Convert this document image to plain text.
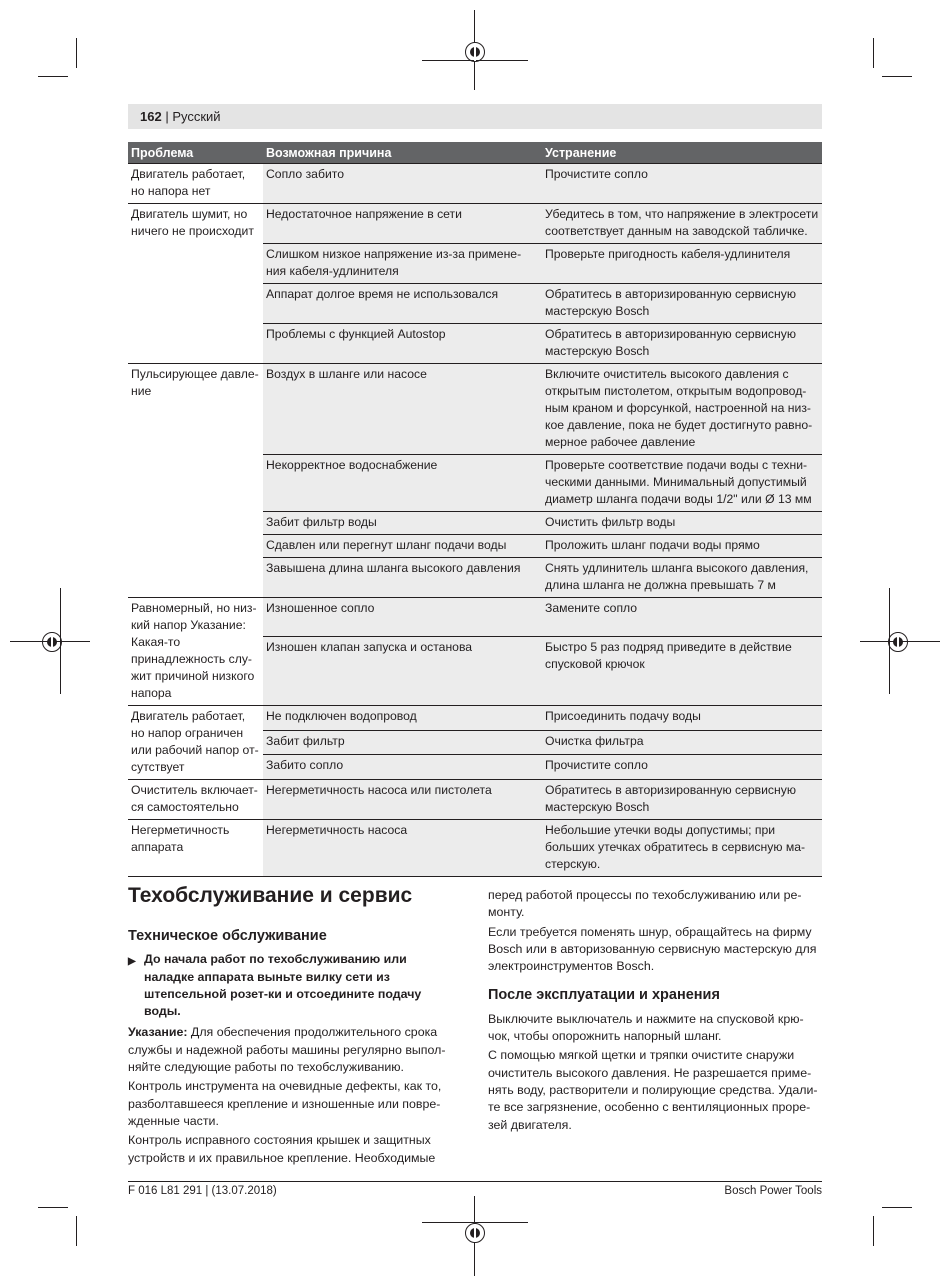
162 | Русский
Проблема	Возможная причина	Устранение
Двигатель работает, но напора нет	Сопло забито	Прочистите сопло
Двигатель шумит, но ничего не происходит	Недостаточное напряжение в сети	Убедитесь в том, что напряжение в электросети соответствует данным на заводской табличке.
	Слишком низкое напряжение из-за примене-ния кабеля-удлинителя	Проверьте пригодность кабеля-удлинителя
	Аппарат долгое время не использовался	Обратитесь в авторизированную сервисную мастерскую Bosch
	Проблемы с функцией Autostop	Обратитесь в авторизированную сервисную мастерскую Bosch
Пульсирующее давле-ние	Воздух в шланге или насосе	Включите очиститель высокого давления с открытым пистолетом, открытым водопровод-ным краном и форсункой, настроенной на низ-кое давление, пока не будет достигнуто равно-мерное рабочее давление
	Некорректное водоснабжение	Проверьте соответствие подачи воды с техни-ческими данными. Минимальный допустимый диаметр шланга подачи воды 1/2" или Ø 13 мм
	Забит фильтр воды	Очистить фильтр воды
	Сдавлен или перегнут шланг подачи воды	Проложить шланг подачи воды прямо
	Завышена длина шланга высокого давления	Снять удлинитель шланга высокого давления, длина шланга не должна превышать 7 м
Равномерный, но низ-кий напор Указание: Какая-то принадлежность слу-жит причиной низкого напора	Изношенное сопло	Замените сопло
	Изношен клапан запуска и останова	Быстро 5 раз подряд приведите в действие спусковой крючок
Двигатель работает, но напор ограничен или рабочий напор от-сутствует	Не подключен водопровод	Присоединить подачу воды
	Забит фильтр	Очистка фильтра
	Забито сопло	Прочистите сопло
Очиститель включает-ся самостоятельно	Негерметичность насоса или пистолета	Обратитесь в авторизированную сервисную мастерскую Bosch
Негерметичность аппарата	Негерметичность насоса	Небольшие утечки воды допустимы; при больших утечках обратитесь в сервисную ма-стерскую.
Техобслуживание и сервис
Техническое обслуживание
▶ До начала работ по техобслуживанию или наладке аппарата выньте вилку сети из штепсельной розет-ки и отсоедините подачу воды.

Указание: Для обеспечения продолжительного срока службы и надежной работы машины регулярно выпол-няйте следующие работы по техобслуживанию.

Контроль инструмента на очевидные дефекты, как то, разболтавшееся крепление и изношенные или повре-жденные части.

Контроль исправного состояния крышек и защитных устройств и их правильное крепление. Необходимые

перед работой процессы по техобслуживанию или ре-монту.

Если требуется поменять шнур, обращайтесь на фирму Bosch или в авторизованную сервисную мастерскую для электроинструментов Bosch.

После эксплуатации и хранения

Выключите выключатель и нажмите на спусковой крю-чок, чтобы опорожнить напорный шланг.

С помощью мягкой щетки и тряпки очистите снаружи очиститель высокого давления. Не разрешается приме-нять воду, растворители и полирующие средства. Удали-те все загрязнение, особенно с вентиляционных прорe-зей двигателя.

F 016 L81 291 | (13.07.2018)	Bosch Power Tools
